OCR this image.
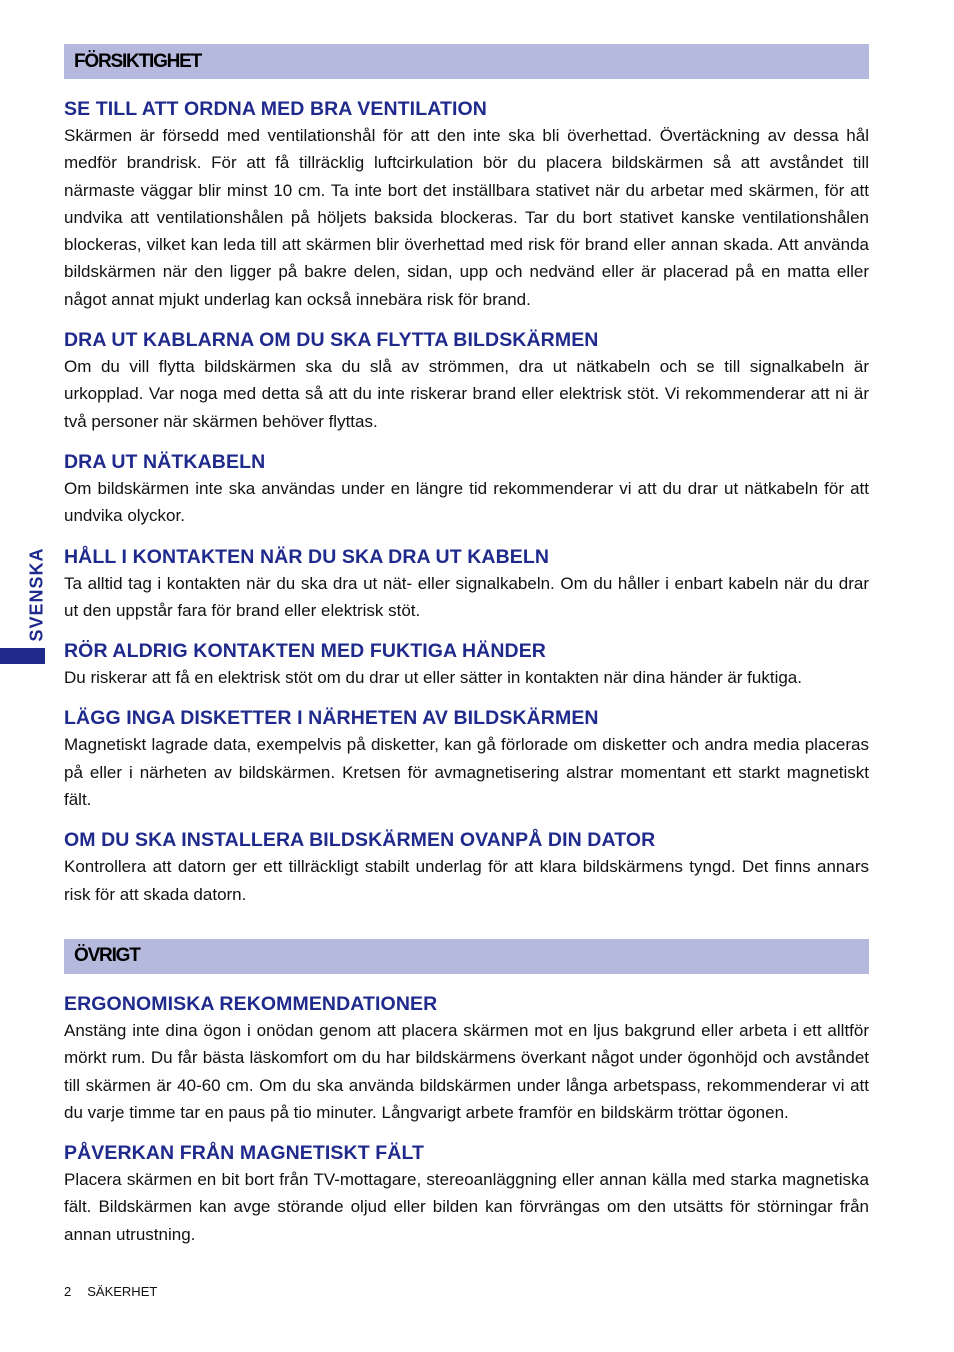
SVENSKA
FÖRSIKTIGHET
SE TILL ATT ORDNA MED BRA VENTILATION
Skärmen är försedd med ventilationshål för att den inte ska bli överhettad. Övertäckning av dessa hål medför brandrisk. För att få tillräcklig luftcirkulation bör du placera bildskärmen så att avståndet till närmaste väggar blir minst 10 cm. Ta inte bort det inställbara stativet när du arbetar med skärmen, för att undvika att ventilationshålen på höljets baksida blockeras. Tar du bort stativet kanske ventilationshålen blockeras, vilket kan leda till att skärmen blir överhettad med risk för brand eller annan skada. Att använda bildskärmen när den ligger på bakre delen, sidan, upp och nedvänd eller är placerad på en matta eller något annat mjukt underlag kan också innebära risk för brand.
DRA UT KABLARNA OM DU SKA FLYTTA BILDSKÄRMEN
Om du vill flytta bildskärmen ska du slå av strömmen, dra ut nätkabeln och se till signalkabeln är urkopplad. Var noga med detta så att du inte riskerar brand eller elektrisk stöt. Vi rekommenderar att ni är två personer när skärmen behöver flyttas.
DRA UT NÄTKABELN
Om bildskärmen inte ska användas under en längre tid rekommenderar vi att du drar ut nätkabeln för att undvika olyckor.
HÅLL I KONTAKTEN NÄR DU SKA DRA UT KABELN
Ta alltid tag i kontakten när du ska dra ut nät- eller signalkabeln. Om du håller i enbart kabeln när du drar ut den uppstår fara för brand eller elektrisk stöt.
RÖR ALDRIG KONTAKTEN MED FUKTIGA HÄNDER
Du riskerar att få en elektrisk stöt om du drar ut eller sätter in kontakten när dina händer är fuktiga.
LÄGG INGA DISKETTER I NÄRHETEN AV BILDSKÄRMEN
Magnetiskt lagrade data, exempelvis på disketter, kan gå förlorade om disketter och andra media placeras på eller i närheten av bildskärmen. Kretsen för avmagnetisering alstrar momentant ett starkt magnetiskt fält.
OM DU SKA INSTALLERA BILDSKÄRMEN OVANPÅ DIN DATOR
Kontrollera att datorn ger ett tillräckligt stabilt underlag för att klara bildskärmens tyngd. Det finns annars risk för att skada datorn.
ÖVRIGT
ERGONOMISKA REKOMMENDATIONER
Anstäng inte dina ögon i onödan genom att placera skärmen mot en ljus bakgrund eller arbeta i ett alltför mörkt rum. Du får bästa läskomfort om du har bildskärmens överkant något under ögonhöjd och avståndet till skärmen är 40-60 cm. Om du ska använda bildskärmen under långa arbetspass, rekommenderar vi att du varje timme tar en paus på tio minuter. Långvarigt arbete framför en bildskärm tröttar ögonen.
PÅVERKAN FRÅN MAGNETISKT FÄLT
Placera skärmen en bit bort från TV-mottagare, stereoanläggning eller annan källa med starka magnetiska fält. Bildskärmen kan avge störande oljud eller bilden kan förvrängas om den utsätts för störningar från annan utrustning.
2 SÄKERHET
